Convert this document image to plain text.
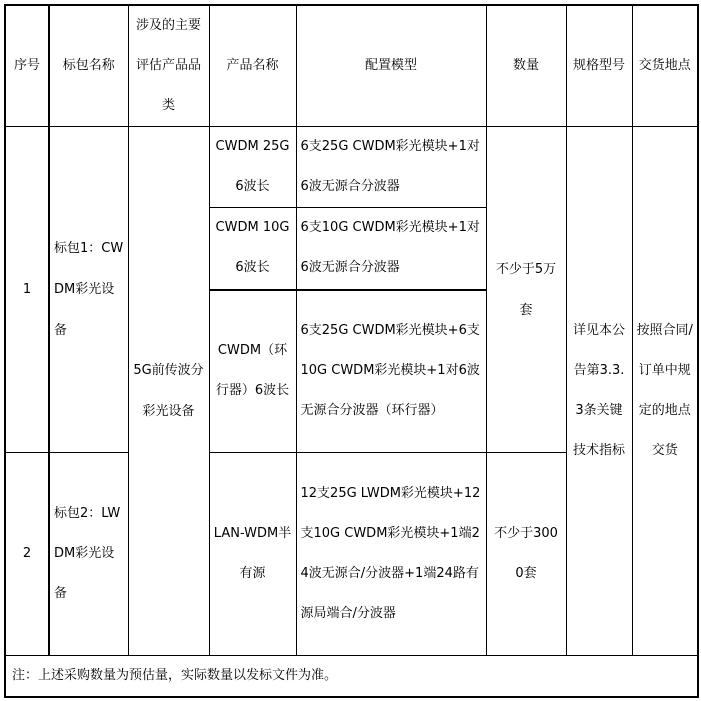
序号	标包名称	涉及的主要评估产品品类	产品名称	配置模型	数量	规格型号	交货地点
1	标包1：CWDM彩光设备	5G前传波分彩光设备	CWDM 25G 6波长	6支25G CWDM彩光模块+1对6波无源合分波器	不少于5万套	详见本公告第3.3.3条关键技术指标	按照合同/订单中规定的地点交货
			CWDM 10G 6波长	6支10G CWDM彩光模块+1对6波无源合分波器			
			CWDM（环行器）6波长	6支25G CWDM彩光模块+6支10G CWDM彩光模块+1对6波无源合分波器（环行器）			
2	标包2：LWDM彩光设备		LAN-WDM半有源	12支25G LWDM彩光模块+12支10G CWDM彩光模块+1端24波无源合/分波器+1端24路有源局端合/分波器	不少于3000套		
注：上述采购数量为预估量，实际数量以发标文件为准。							
